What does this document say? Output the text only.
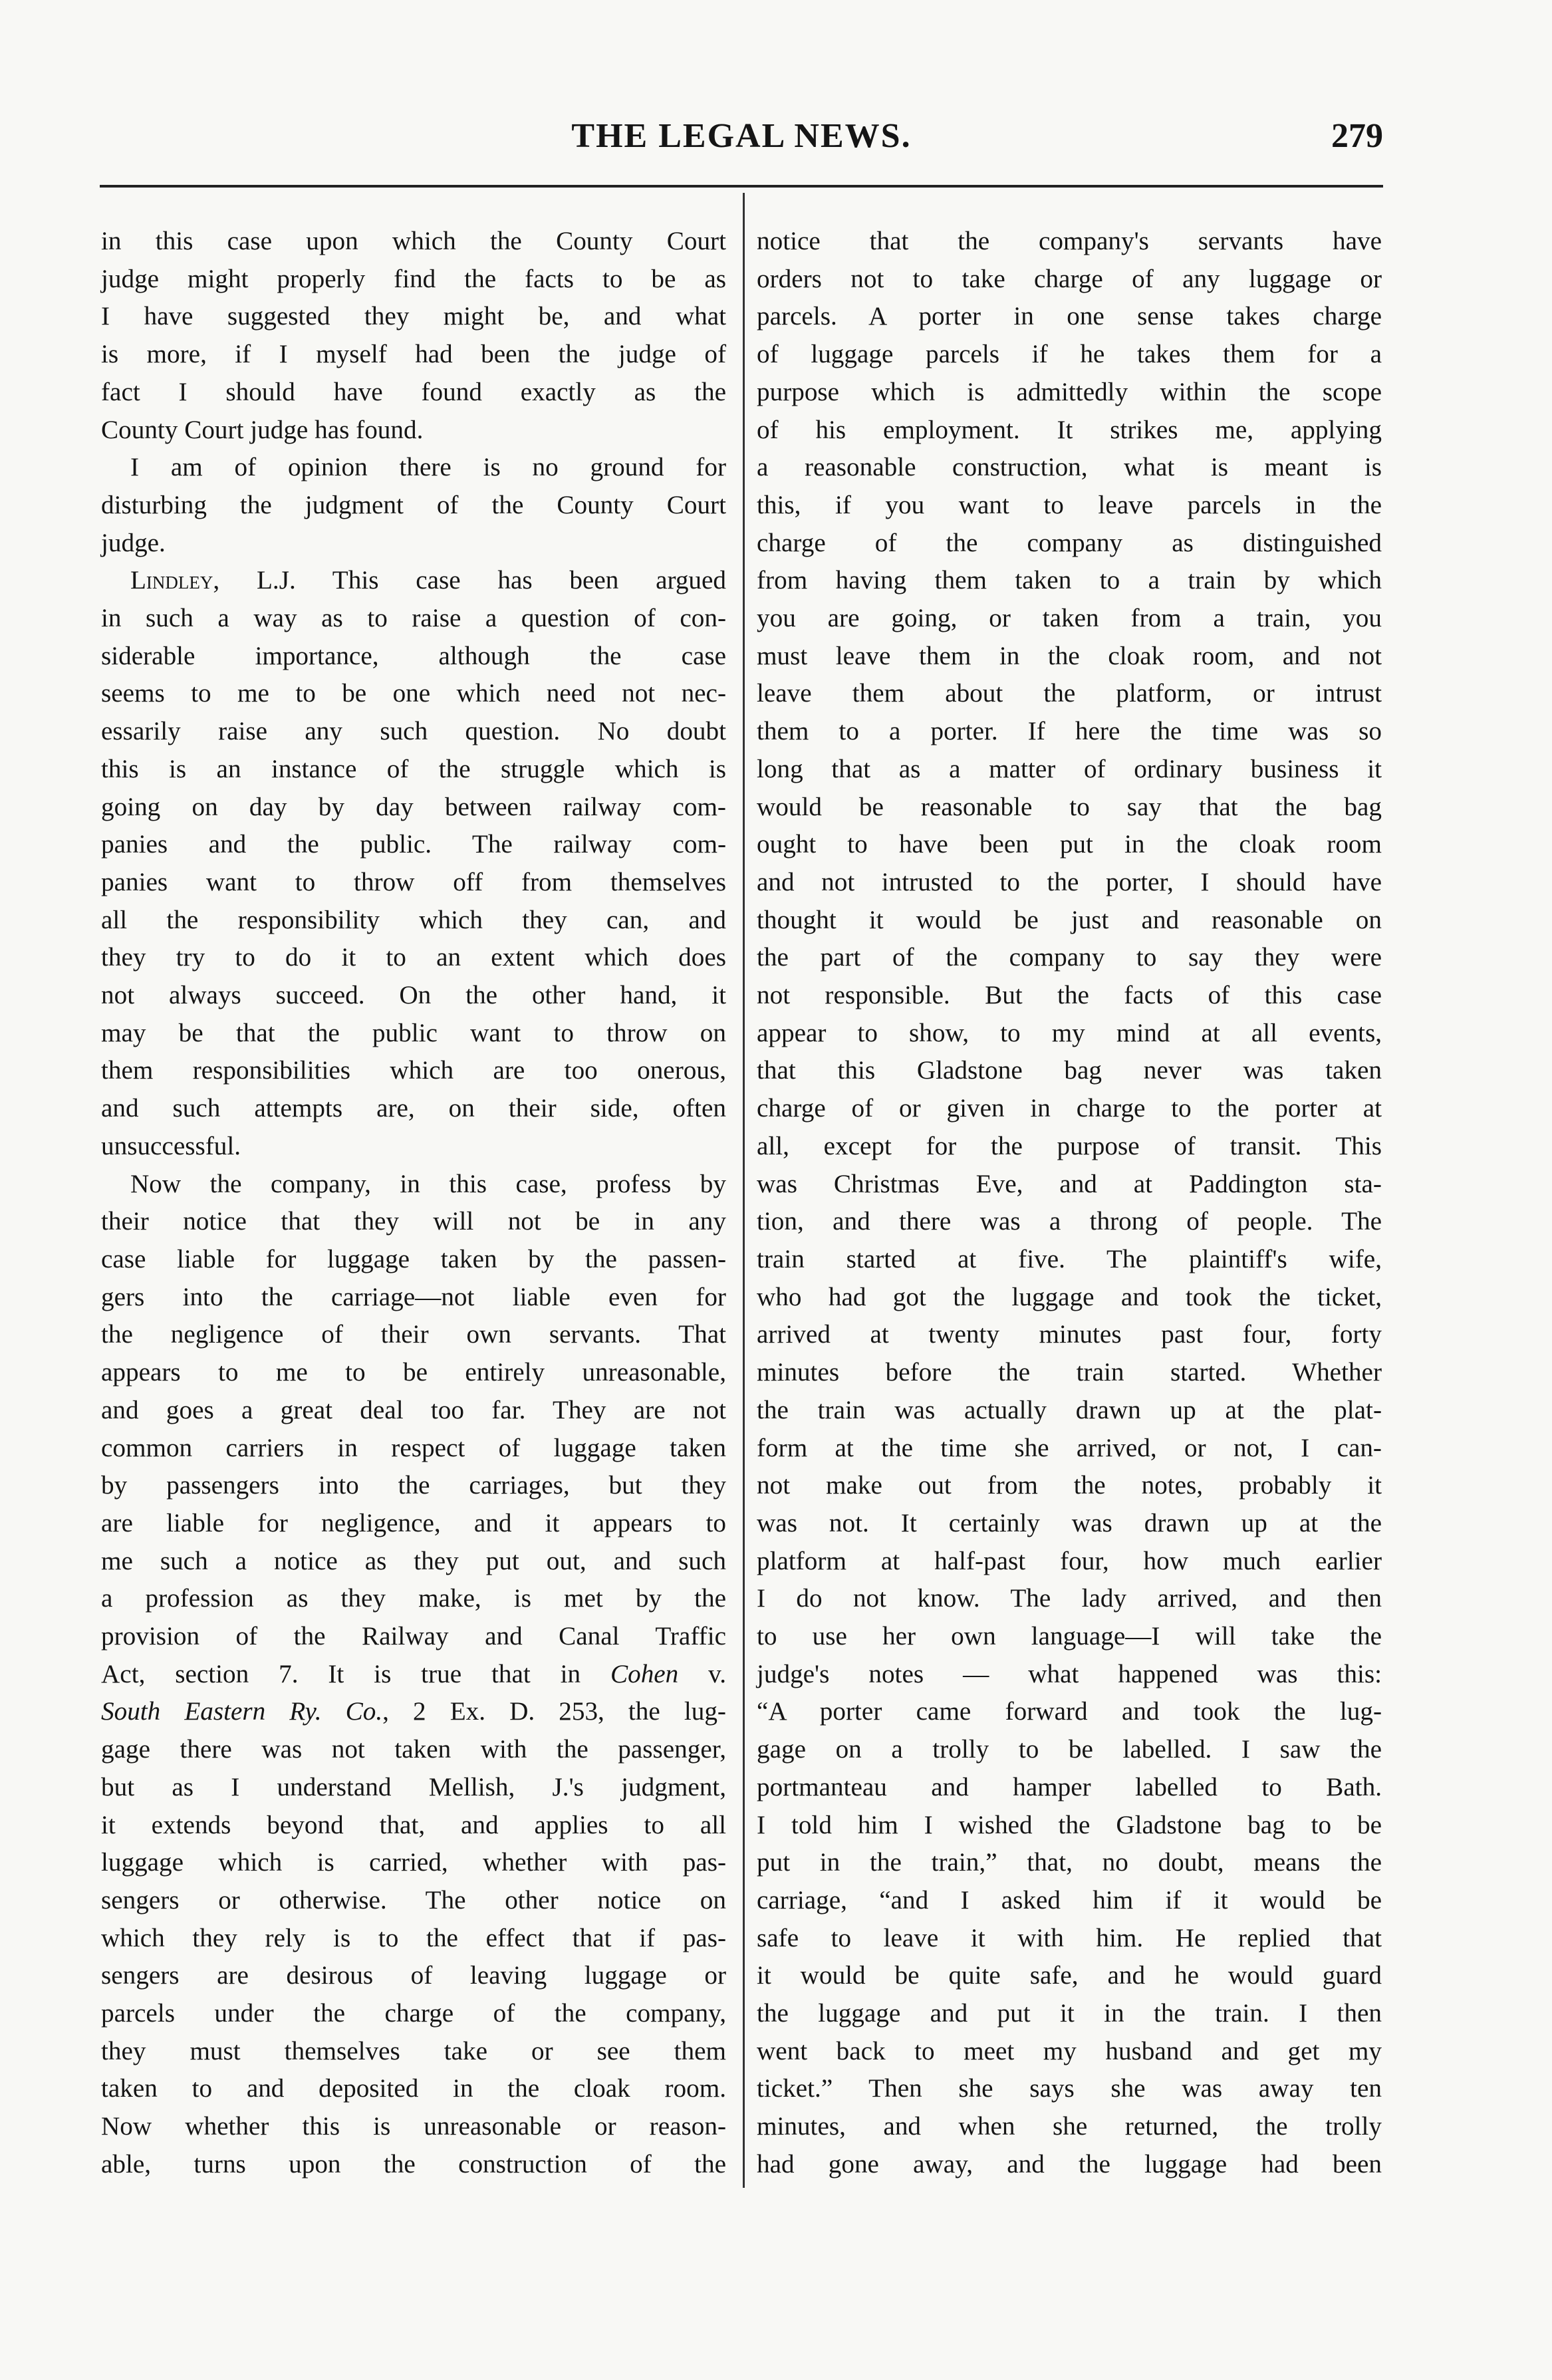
THE LEGAL NEWS.	279

in this case upon which the County Court
judge might properly find the facts to be as
I have suggested they might be, and what
is more, if I myself had been the judge of
fact I should have found exactly as the
County Court judge has found.

I am of opinion there is no ground for
disturbing the judgment of the County Court
judge.

Lindley, L.J. This case has been argued
in such a way as to raise a question of con-
siderable importance, although the case
seems to me to be one which need not nec-
essarily raise any such question. No doubt
this is an instance of the struggle which is
going on day by day between railway com-
panies and the public. The railway com-
panies want to throw off from themselves
all the responsibility which they can, and
they try to do it to an extent which does
not always succeed. On the other hand, it
may be that the public want to throw on
them responsibilities which are too onerous,
and such attempts are, on their side, often
unsuccessful.

Now the company, in this case, profess by
their notice that they will not be in any
case liable for luggage taken by the passen-
gers into the carriage—not liable even for
the negligence of their own servants. That
appears to me to be entirely unreasonable,
and goes a great deal too far. They are not
common carriers in respect of luggage taken
by passengers into the carriages, but they
are liable for negligence, and it appears to
me such a notice as they put out, and such
a profession as they make, is met by the
provision of the Railway and Canal Traffic
Act, section 7. It is true that in Cohen v.
South Eastern Ry. Co., 2 Ex. D. 253, the lug-
gage there was not taken with the passenger,
but as I understand Mellish, J.'s judgment,
it extends beyond that, and applies to all
luggage which is carried, whether with pas-
sengers or otherwise. The other notice on
which they rely is to the effect that if pas-
sengers are desirous of leaving luggage or
parcels under the charge of the company,
they must themselves take or see them
taken to and deposited in the cloak room.
Now whether this is unreasonable or reason-
able, turns upon the construction of the

notice that the company's servants have
orders not to take charge of any luggage or
parcels. A porter in one sense takes charge
of luggage parcels if he takes them for a
purpose which is admittedly within the scope
of his employment. It strikes me, applying
a reasonable construction, what is meant is
this, if you want to leave parcels in the
charge of the company as distinguished
from having them taken to a train by which
you are going, or taken from a train, you
must leave them in the cloak room, and not
leave them about the platform, or intrust
them to a porter. If here the time was so
long that as a matter of ordinary business it
would be reasonable to say that the bag
ought to have been put in the cloak room
and not intrusted to the porter, I should have
thought it would be just and reasonable on
the part of the company to say they were
not responsible. But the facts of this case
appear to show, to my mind at all events,
that this Gladstone bag never was taken
charge of or given in charge to the porter at
all, except for the purpose of transit. This
was Christmas Eve, and at Paddington sta-
tion, and there was a throng of people. The
train started at five. The plaintiff's wife,
who had got the luggage and took the ticket,
arrived at twenty minutes past four, forty
minutes before the train started. Whether
the train was actually drawn up at the plat-
form at the time she arrived, or not, I can-
not make out from the notes, probably it
was not. It certainly was drawn up at the
platform at half-past four, how much earlier
I do not know. The lady arrived, and then
to use her own language—I will take the
judge's notes — what happened was this:
“A porter came forward and took the lug-
gage on a trolly to be labelled. I saw the
portmanteau and hamper labelled to Bath.
I told him I wished the Gladstone bag to be
put in the train,” that, no doubt, means the
carriage, “and I asked him if it would be
safe to leave it with him. He replied that
it would be quite safe, and he would guard
the luggage and put it in the train. I then
went back to meet my husband and get my
ticket.” Then she says she was away ten
minutes, and when she returned, the trolly
had gone away, and the luggage had been
